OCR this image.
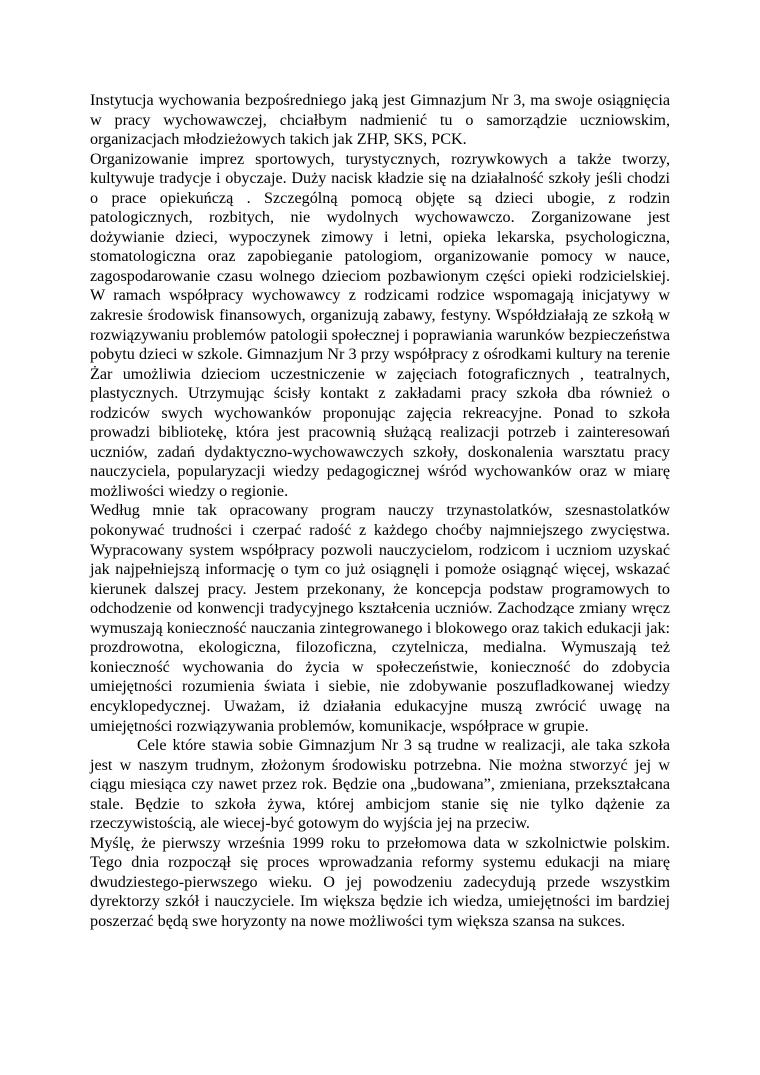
Instytucja wychowania bezpośredniego jaką jest Gimnazjum Nr 3, ma swoje osiągnięcia w pracy wychowawczej, chciałbym nadmienić tu o samorządzie uczniowskim, organizacjach młodzieżowych takich jak ZHP, SKS, PCK.

Organizowanie imprez sportowych, turystycznych, rozrywkowych a także tworzy, kultywuje tradycje i obyczaje. Duży nacisk kładzie się na działalność szkoły jeśli chodzi o prace opiekuńczą . Szczególną pomocą objęte są dzieci ubogie, z rodzin patologicznych, rozbitych, nie wydolnych wychowawczo. Zorganizowane jest dożywianie dzieci, wypoczynek zimowy i letni, opieka lekarska, psychologiczna, stomatologiczna oraz zapobieganie patologiom, organizowanie pomocy w nauce, zagospodarowanie czasu wolnego dzieciom pozbawionym części opieki rodzicielskiej. W ramach współpracy wychowawcy z rodzicami rodzice wspomagają inicjatywy w zakresie środowisk finansowych, organizują zabawy, festyny. Współdziałają ze szkołą w rozwiązywaniu problemów patologii społecznej i poprawiania warunków bezpieczeństwa pobytu dzieci w szkole. Gimnazjum Nr 3 przy współpracy z ośrodkami kultury na terenie Żar umożliwia dzieciom uczestniczenie w zajęciach fotograficznych , teatralnych, plastycznych. Utrzymując ścisły kontakt z zakładami pracy szkoła dba również o rodziców swych wychowanków proponując zajęcia rekreacyjne. Ponad to szkoła prowadzi bibliotekę, która jest pracownią służącą realizacji potrzeb i zainteresowań uczniów, zadań dydaktyczno-wychowawczych szkoły, doskonalenia warsztatu pracy nauczyciela, popularyzacji wiedzy pedagogicznej wśród wychowanków oraz w miarę możliwości wiedzy o regionie.

Według mnie tak opracowany program nauczy trzynastolatków, szesnastolatków pokonywać trudności i czerpać radość z każdego choćby najmniejszego zwycięstwa. Wypracowany system współpracy pozwoli nauczycielom, rodzicom i uczniom uzyskać jak najpełniejszą informację o tym co już osiągnęli i pomoże osiągnąć więcej, wskazać kierunek dalszej pracy. Jestem przekonany, że koncepcja podstaw programowych to odchodzenie od konwencji tradycyjnego kształcenia uczniów. Zachodzące zmiany wręcz wymuszają konieczność nauczania zintegrowanego i blokowego oraz takich edukacji jak: prozdrowotna, ekologiczna, filozoficzna, czytelnicza, medialna. Wymuszają też konieczność wychowania do życia w społeczeństwie, konieczność do zdobycia umiejętności rozumienia świata i siebie, nie zdobywanie poszufladkowanej wiedzy encyklopedycznej. Uważam, iż działania edukacyjne muszą zwrócić uwagę na umiejętności rozwiązywania problemów, komunikacje, współprace w grupie.

Cele które stawia sobie Gimnazjum Nr 3 są trudne w realizacji, ale taka szkoła jest w naszym trudnym, złożonym środowisku potrzebna. Nie można stworzyć jej w ciągu miesiąca czy nawet przez rok. Będzie ona „budowana”, zmieniana, przekształcana stale. Będzie to szkoła żywa, której ambicjom stanie się nie tylko dążenie za rzeczywistością, ale wiecej-być gotowym do wyjścia jej na przeciw.

Myślę, że pierwszy września 1999 roku to przełomowa data w szkolnictwie polskim. Tego dnia rozpoczął się proces wprowadzania reformy systemu edukacji na miarę dwudziestego-pierwszego wieku. O jej powodzeniu zadecydują przede wszystkim dyrektorzy szkół i nauczyciele. Im większa będzie ich wiedza, umiejętności im bardziej poszerzać będą swe horyzonty na nowe możliwości tym większa szansa na sukces.
